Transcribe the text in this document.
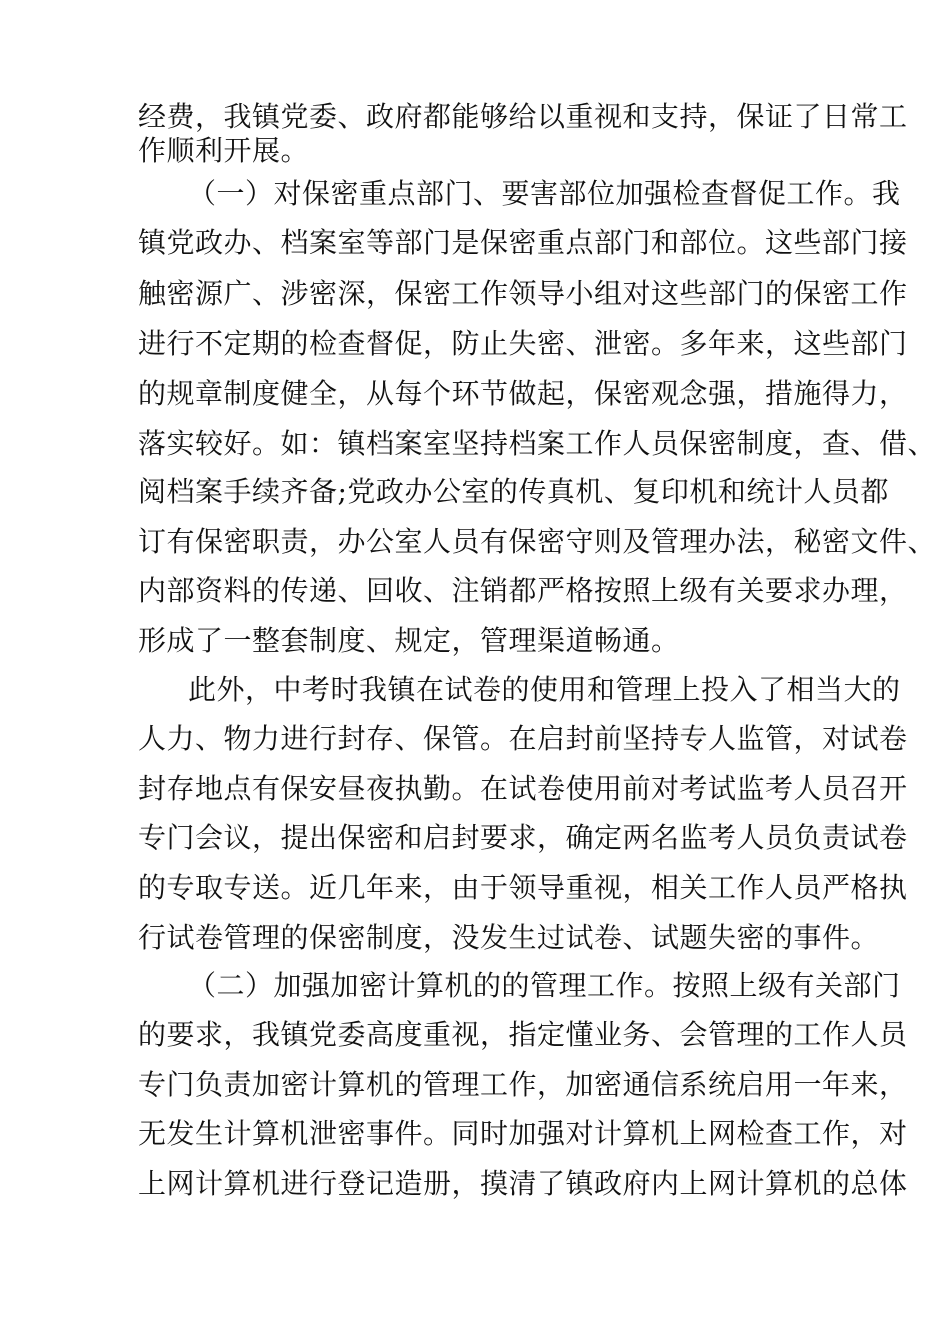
经费，我镇党委、政府都能够给以重视和支持，保证了日常工
作顺利开展。
（一）对保密重点部门、要害部位加强检查督促工作。我
镇党政办、档案室等部门是保密重点部门和部位。这些部门接
触密源广、涉密深，保密工作领导小组对这些部门的保密工作
进行不定期的检查督促，防止失密、泄密。多年来，这些部门
的规章制度健全，从每个环节做起，保密观念强，措施得力，
落实较好。如：镇档案室坚持档案工作人员保密制度，查、借、
阅档案手续齐备;党政办公室的传真机、复印机和统计人员都
订有保密职责，办公室人员有保密守则及管理办法，秘密文件、
内部资料的传递、回收、注销都严格按照上级有关要求办理，
形成了一整套制度、规定，管理渠道畅通。
此外，中考时我镇在试卷的使用和管理上投入了相当大的
人力、物力进行封存、保管。在启封前坚持专人监管，对试卷
封存地点有保安昼夜执勤。在试卷使用前对考试监考人员召开
专门会议，提出保密和启封要求，确定两名监考人员负责试卷
的专取专送。近几年来，由于领导重视，相关工作人员严格执
行试卷管理的保密制度，没发生过试卷、试题失密的事件。
（二）加强加密计算机的的管理工作。按照上级有关部门
的要求，我镇党委高度重视，指定懂业务、会管理的工作人员
专门负责加密计算机的管理工作，加密通信系统启用一年来，
无发生计算机泄密事件。同时加强对计算机上网检查工作，对
上网计算机进行登记造册，摸清了镇政府内上网计算机的总体
